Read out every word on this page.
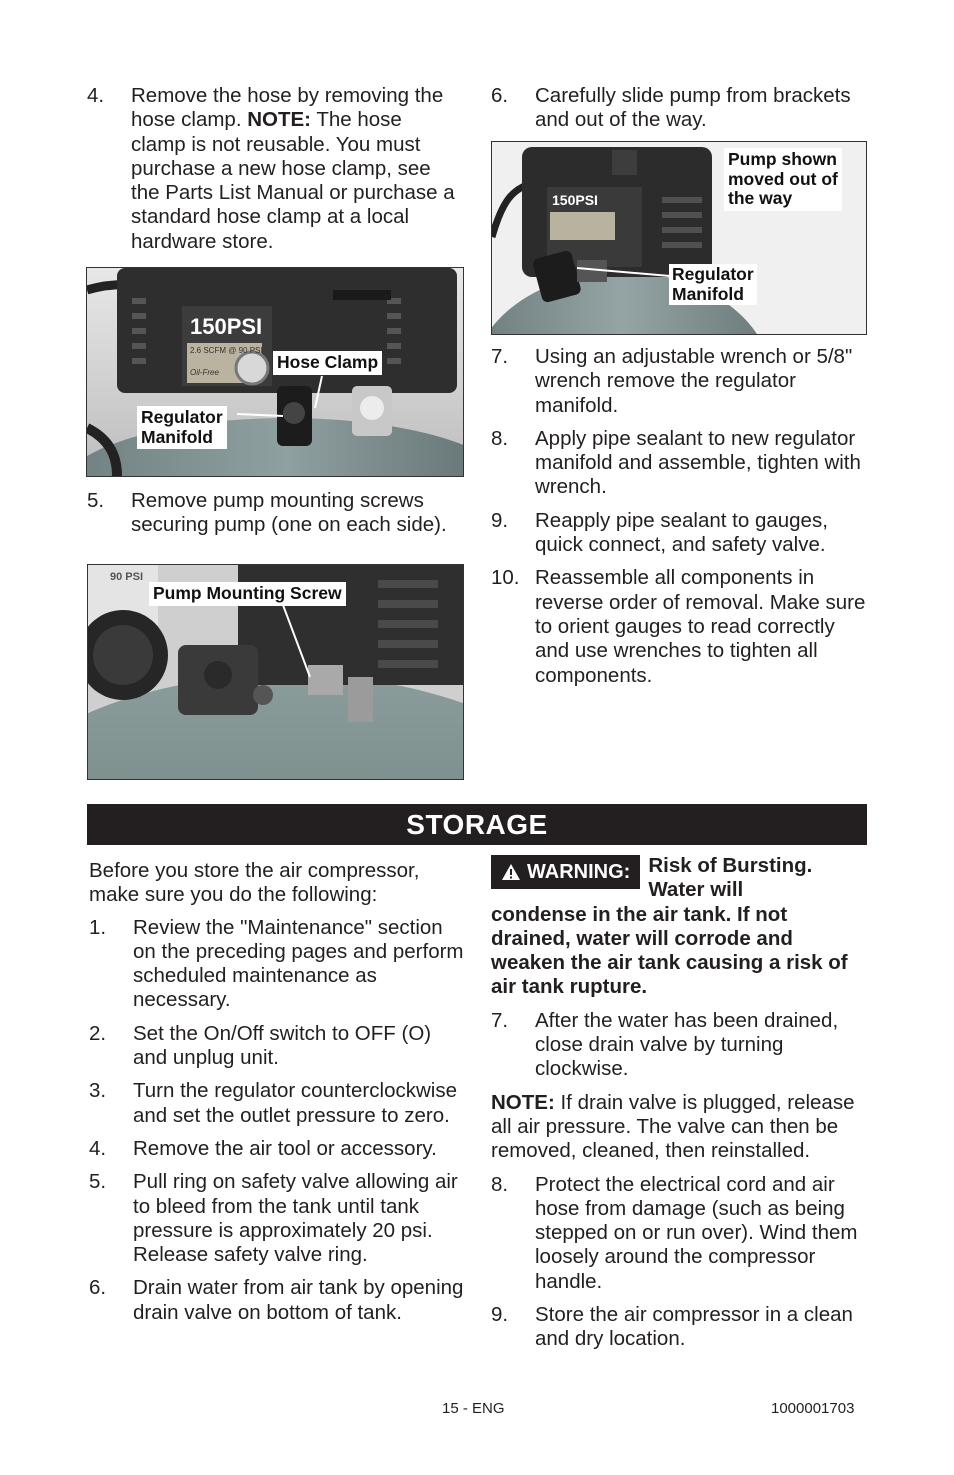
4. Remove the hose by removing the hose clamp. NOTE: The hose clamp is not reusable. You must purchase a new hose clamp, see the Parts List Manual or purchase a standard hose clamp at a local hardware store.
Hose Clamp
Regulator
Manifold
150PSI
2.6 SCFM @ 90 PSI
Oil-Free
5. Remove pump mounting screws securing pump (one on each side).
Pump Mounting Screw
90 PSI
6. Carefully slide pump from brackets and out of the way.
Pump shown
moved out of
the way
Regulator
Manifold
150PSI
7. Using an adjustable wrench or 5/8" wrench remove the regulator manifold.
8. Apply pipe sealant to new regulator manifold and assemble, tighten with wrench.
9. Reapply pipe sealant to gauges, quick connect, and safety valve.
10. Reassemble all components in reverse order of removal. Make sure to orient gauges to read correctly and use wrenches to tighten all components.
STORAGE
Before you store the air compressor, make sure you do the following:
1. Review the "Maintenance" section on the preceding pages and perform scheduled maintenance as necessary.
2. Set the On/Off switch to OFF (O) and unplug unit.
3. Turn the regulator counterclockwise and set the outlet pressure to zero.
4. Remove the air tool or accessory.
5. Pull ring on safety valve allowing air to bleed from the tank until tank pressure is approximately 20 psi. Release safety valve ring.
6. Drain water from air tank by opening drain valve on bottom of tank.
WARNING: Risk of Bursting.
Water will
condense in the air tank. If not drained, water will corrode and weaken the air tank causing a risk of air tank rupture.
7. After the water has been drained, close drain valve by turning clockwise.
NOTE: If drain valve is plugged, release all air pressure. The valve can then be removed, cleaned, then reinstalled.
8. Protect the electrical cord and air hose from damage (such as being stepped on or run over). Wind them loosely around the compressor handle.
9. Store the air compressor in a clean and dry location.
15 - ENG	1000001703
